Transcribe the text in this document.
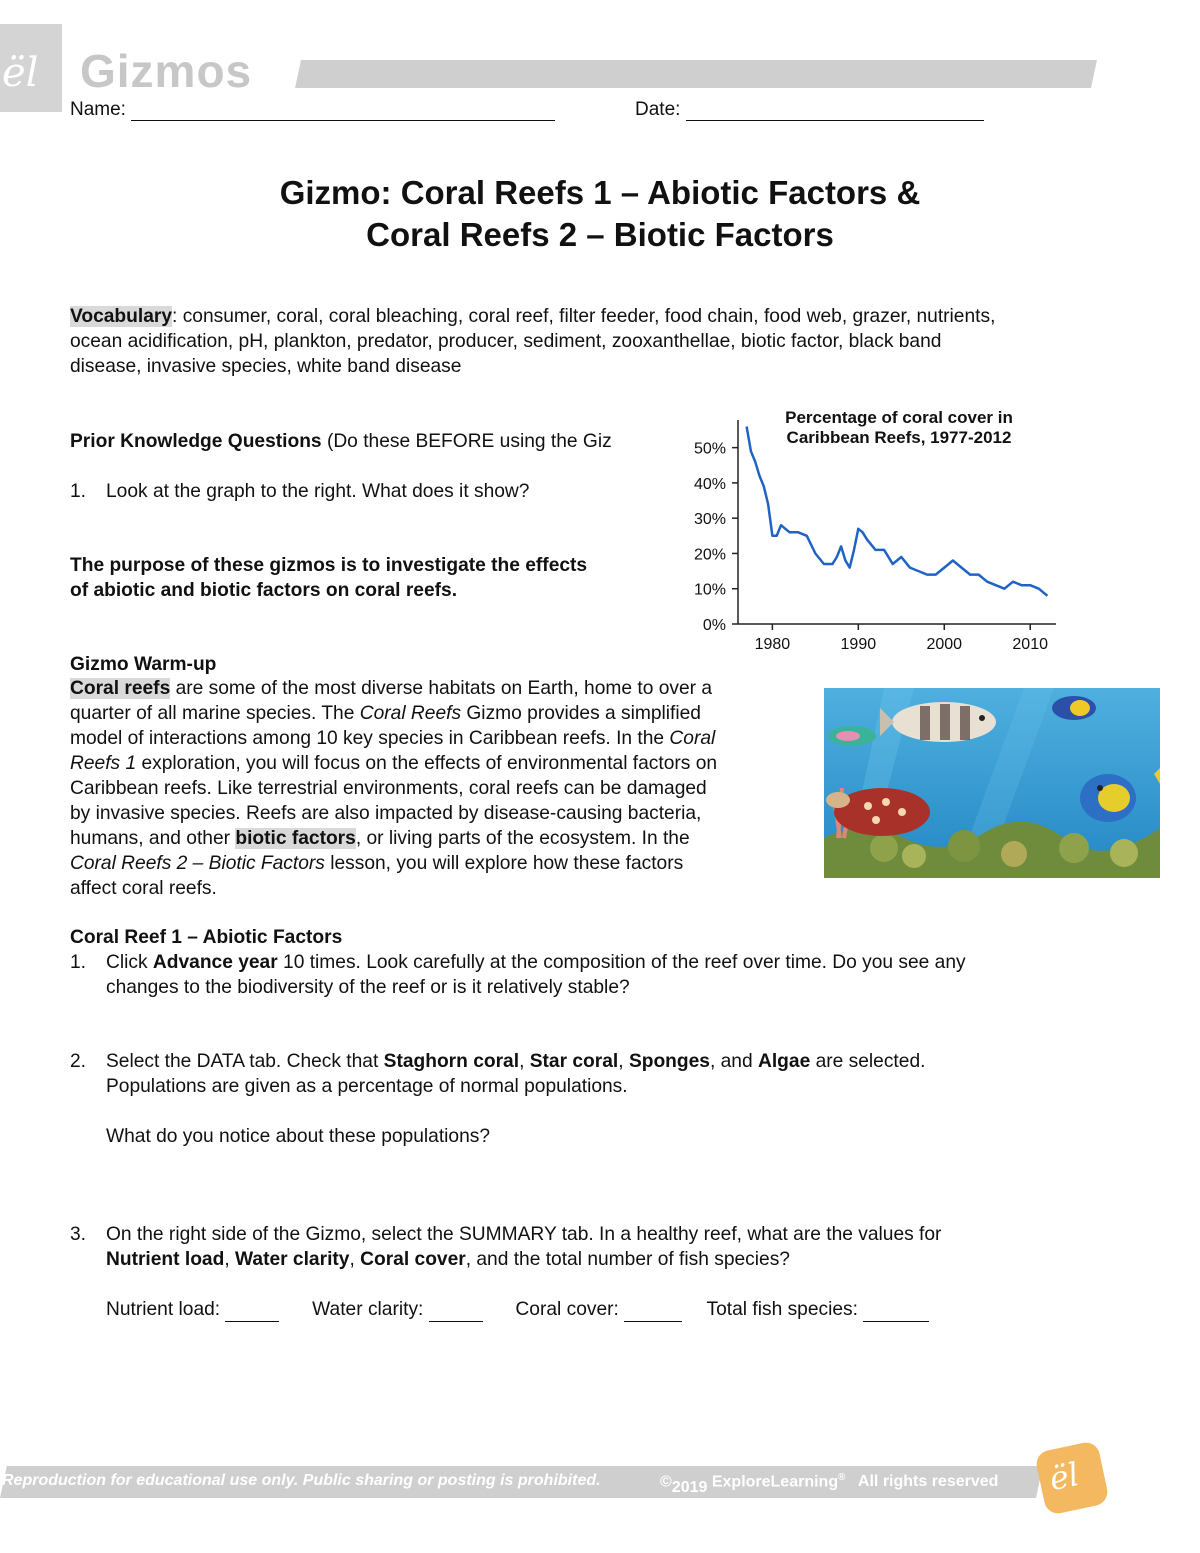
ël Gizmos
Name:	Date:
Gizmo: Coral Reefs 1 – Abiotic Factors &
Coral Reefs 2 – Biotic Factors
Vocabulary: consumer, coral, coral bleaching, coral reef, filter feeder, food chain, food web, grazer, nutrients,
ocean acidification, pH, plankton, predator, producer, sediment, zooxanthellae, biotic factor, black band
disease, invasive species, white band disease
Prior Knowledge Questions (Do these BEFORE using the Giz
1. Look at the graph to the right. What does it show?
The purpose of these gizmos is to investigate the effects
of abiotic and biotic factors on coral reefs.
0%
10%
20%
30%
40%
50%
1980	1990	2000	2010
Percentage of coral cover in
Caribbean Reefs, 1977-2012
Gizmo Warm-up
Coral reefs are some of the most diverse habitats on Earth, home to over a
quarter of all marine species. The Coral Reefs Gizmo provides a simplified
model of interactions among 10 key species in Caribbean reefs. In the Coral
Reefs 1 exploration, you will focus on the effects of environmental factors on
Caribbean reefs. Like terrestrial environments, coral reefs can be damaged
by invasive species. Reefs are also impacted by disease-causing bacteria,
humans, and other biotic factors, or living parts of the ecosystem. In the
Coral Reefs 2 – Biotic Factors lesson, you will explore how these factors
affect coral reefs.
Coral Reef 1 – Abiotic Factors
1. Click Advance year 10 times. Look carefully at the composition of the reef over time. Do you see any
changes to the biodiversity of the reef or is it relatively stable?
2. Select the DATA tab. Check that Staghorn coral, Star coral, Sponges, and Algae are selected.
Populations are given as a percentage of normal populations.
What do you notice about these populations?
3. On the right side of the Gizmo, select the SUMMARY tab. In a healthy reef, what are the values for
Nutrient load, Water clarity, Coral cover, and the total number of fish species?
Nutrient load:	Water clarity:	Coral cover:	Total fish species:
Reproduction for educational use only. Public sharing or posting is prohibited.	©2019 ExploreLearning® All rights reserved ël
